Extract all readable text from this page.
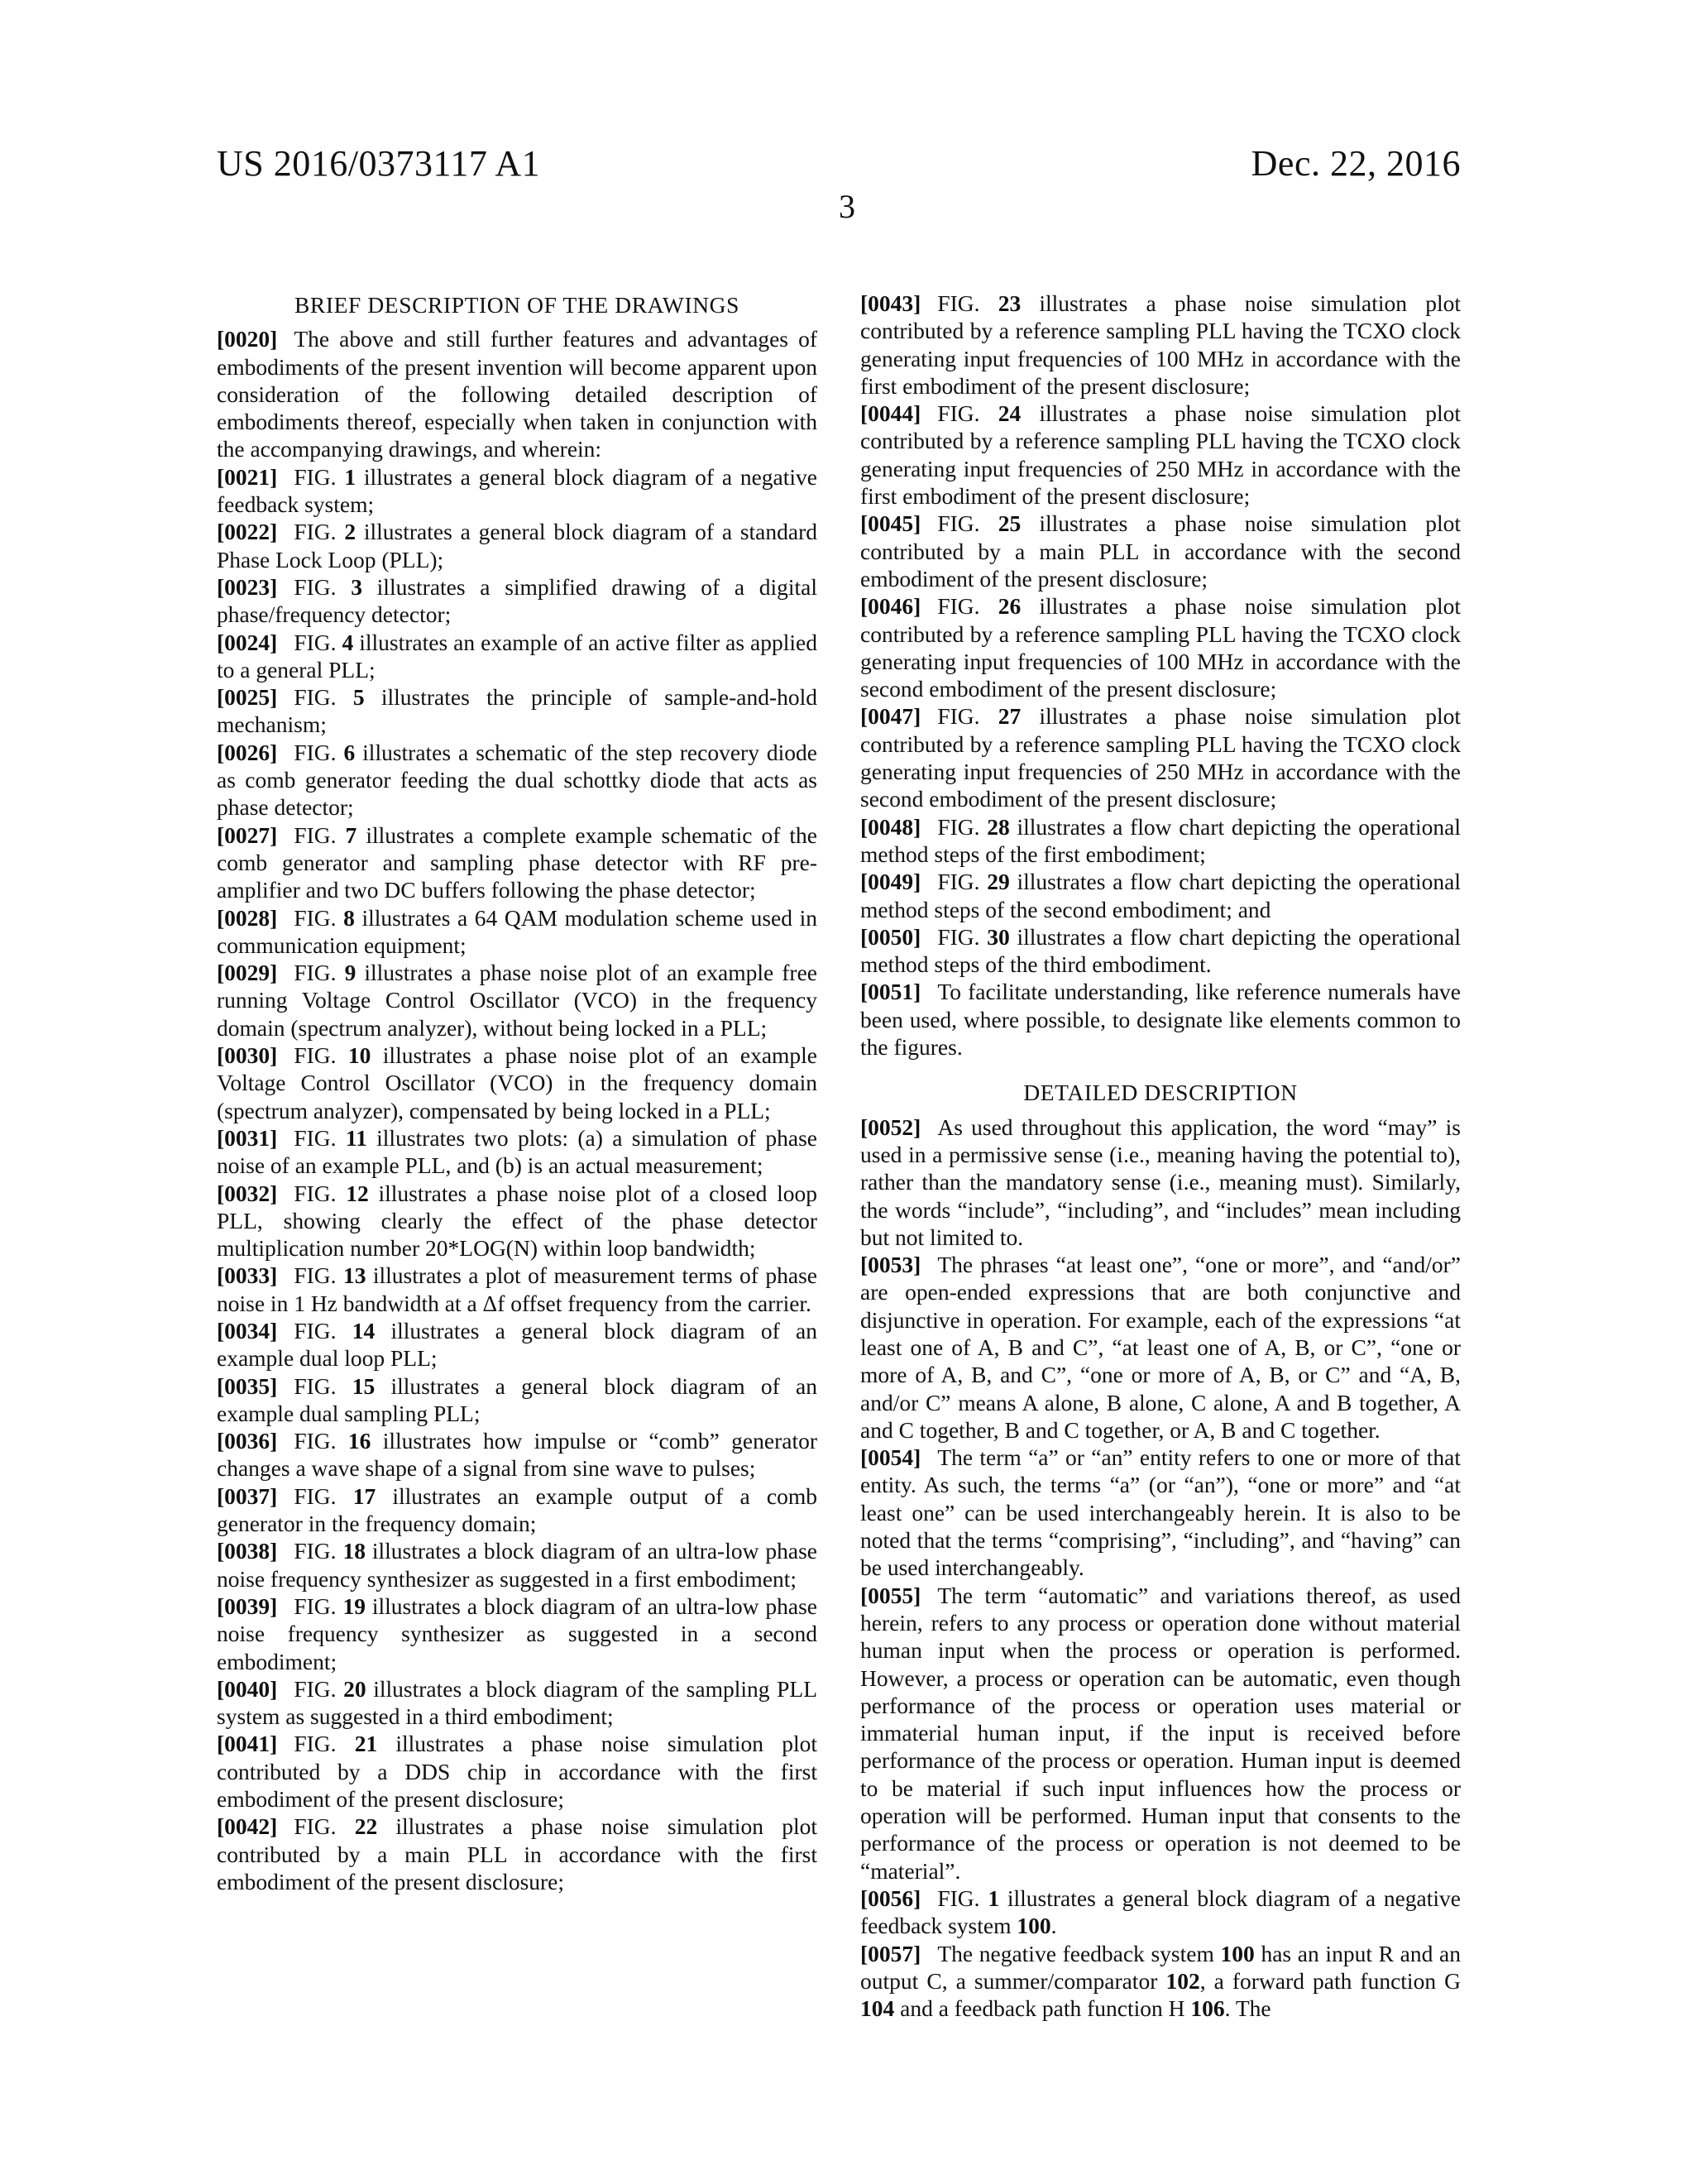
US 2016/0373117 A1	Dec. 22, 2016
3
BRIEF DESCRIPTION OF THE DRAWINGS

[0020] The above and still further features and advantages of embodiments of the present invention will become apparent upon consideration of the following detailed description of embodiments thereof, especially when taken in conjunction with the accompanying drawings, and wherein:

[0021] FIG. 1 illustrates a general block diagram of a negative feedback system;

[0022] FIG. 2 illustrates a general block diagram of a standard Phase Lock Loop (PLL);

[0023] FIG. 3 illustrates a simplified drawing of a digital phase/frequency detector;

[0024] FIG. 4 illustrates an example of an active filter as applied to a general PLL;

[0025] FIG. 5 illustrates the principle of sample-and-hold mechanism;

[0026] FIG. 6 illustrates a schematic of the step recovery diode as comb generator feeding the dual schottky diode that acts as phase detector;

[0027] FIG. 7 illustrates a complete example schematic of the comb generator and sampling phase detector with RF pre-amplifier and two DC buffers following the phase detector;

[0028] FIG. 8 illustrates a 64 QAM modulation scheme used in communication equipment;

[0029] FIG. 9 illustrates a phase noise plot of an example free running Voltage Control Oscillator (VCO) in the frequency domain (spectrum analyzer), without being locked in a PLL;

[0030] FIG. 10 illustrates a phase noise plot of an example Voltage Control Oscillator (VCO) in the frequency domain (spectrum analyzer), compensated by being locked in a PLL;

[0031] FIG. 11 illustrates two plots: (a) a simulation of phase noise of an example PLL, and (b) is an actual measurement;

[0032] FIG. 12 illustrates a phase noise plot of a closed loop PLL, showing clearly the effect of the phase detector multiplication number 20*LOG(N) within loop bandwidth;

[0033] FIG. 13 illustrates a plot of measurement terms of phase noise in 1 Hz bandwidth at a Δf offset frequency from the carrier.

[0034] FIG. 14 illustrates a general block diagram of an example dual loop PLL;

[0035] FIG. 15 illustrates a general block diagram of an example dual sampling PLL;

[0036] FIG. 16 illustrates how impulse or “comb” generator changes a wave shape of a signal from sine wave to pulses;

[0037] FIG. 17 illustrates an example output of a comb generator in the frequency domain;

[0038] FIG. 18 illustrates a block diagram of an ultra-low phase noise frequency synthesizer as suggested in a first embodiment;

[0039] FIG. 19 illustrates a block diagram of an ultra-low phase noise frequency synthesizer as suggested in a second embodiment;

[0040] FIG. 20 illustrates a block diagram of the sampling PLL system as suggested in a third embodiment;

[0041] FIG. 21 illustrates a phase noise simulation plot contributed by a DDS chip in accordance with the first embodiment of the present disclosure;

[0042] FIG. 22 illustrates a phase noise simulation plot contributed by a main PLL in accordance with the first embodiment of the present disclosure;

[0043] FIG. 23 illustrates a phase noise simulation plot contributed by a reference sampling PLL having the TCXO clock generating input frequencies of 100 MHz in accordance with the first embodiment of the present disclosure;

[0044] FIG. 24 illustrates a phase noise simulation plot contributed by a reference sampling PLL having the TCXO clock generating input frequencies of 250 MHz in accordance with the first embodiment of the present disclosure;

[0045] FIG. 25 illustrates a phase noise simulation plot contributed by a main PLL in accordance with the second embodiment of the present disclosure;

[0046] FIG. 26 illustrates a phase noise simulation plot contributed by a reference sampling PLL having the TCXO clock generating input frequencies of 100 MHz in accordance with the second embodiment of the present disclosure;

[0047] FIG. 27 illustrates a phase noise simulation plot contributed by a reference sampling PLL having the TCXO clock generating input frequencies of 250 MHz in accordance with the second embodiment of the present disclosure;

[0048] FIG. 28 illustrates a flow chart depicting the operational method steps of the first embodiment;

[0049] FIG. 29 illustrates a flow chart depicting the operational method steps of the second embodiment; and

[0050] FIG. 30 illustrates a flow chart depicting the operational method steps of the third embodiment.

[0051] To facilitate understanding, like reference numerals have been used, where possible, to designate like elements common to the figures.

DETAILED DESCRIPTION

[0052] As used throughout this application, the word “may” is used in a permissive sense (i.e., meaning having the potential to), rather than the mandatory sense (i.e., meaning must). Similarly, the words “include”, “including”, and “includes” mean including but not limited to.

[0053] The phrases “at least one”, “one or more”, and “and/or” are open-ended expressions that are both conjunctive and disjunctive in operation. For example, each of the expressions “at least one of A, B and C”, “at least one of A, B, or C”, “one or more of A, B, and C”, “one or more of A, B, or C” and “A, B, and/or C” means A alone, B alone, C alone, A and B together, A and C together, B and C together, or A, B and C together.

[0054] The term “a” or “an” entity refers to one or more of that entity. As such, the terms “a” (or “an”), “one or more” and “at least one” can be used interchangeably herein. It is also to be noted that the terms “comprising”, “including”, and “having” can be used interchangeably.

[0055] The term “automatic” and variations thereof, as used herein, refers to any process or operation done without material human input when the process or operation is performed. However, a process or operation can be automatic, even though performance of the process or operation uses material or immaterial human input, if the input is received before performance of the process or operation. Human input is deemed to be material if such input influences how the process or operation will be performed. Human input that consents to the performance of the process or operation is not deemed to be “material”.

[0056] FIG. 1 illustrates a general block diagram of a negative feedback system 100.

[0057] The negative feedback system 100 has an input R and an output C, a summer/comparator 102, a forward path function G 104 and a feedback path function H 106. The
